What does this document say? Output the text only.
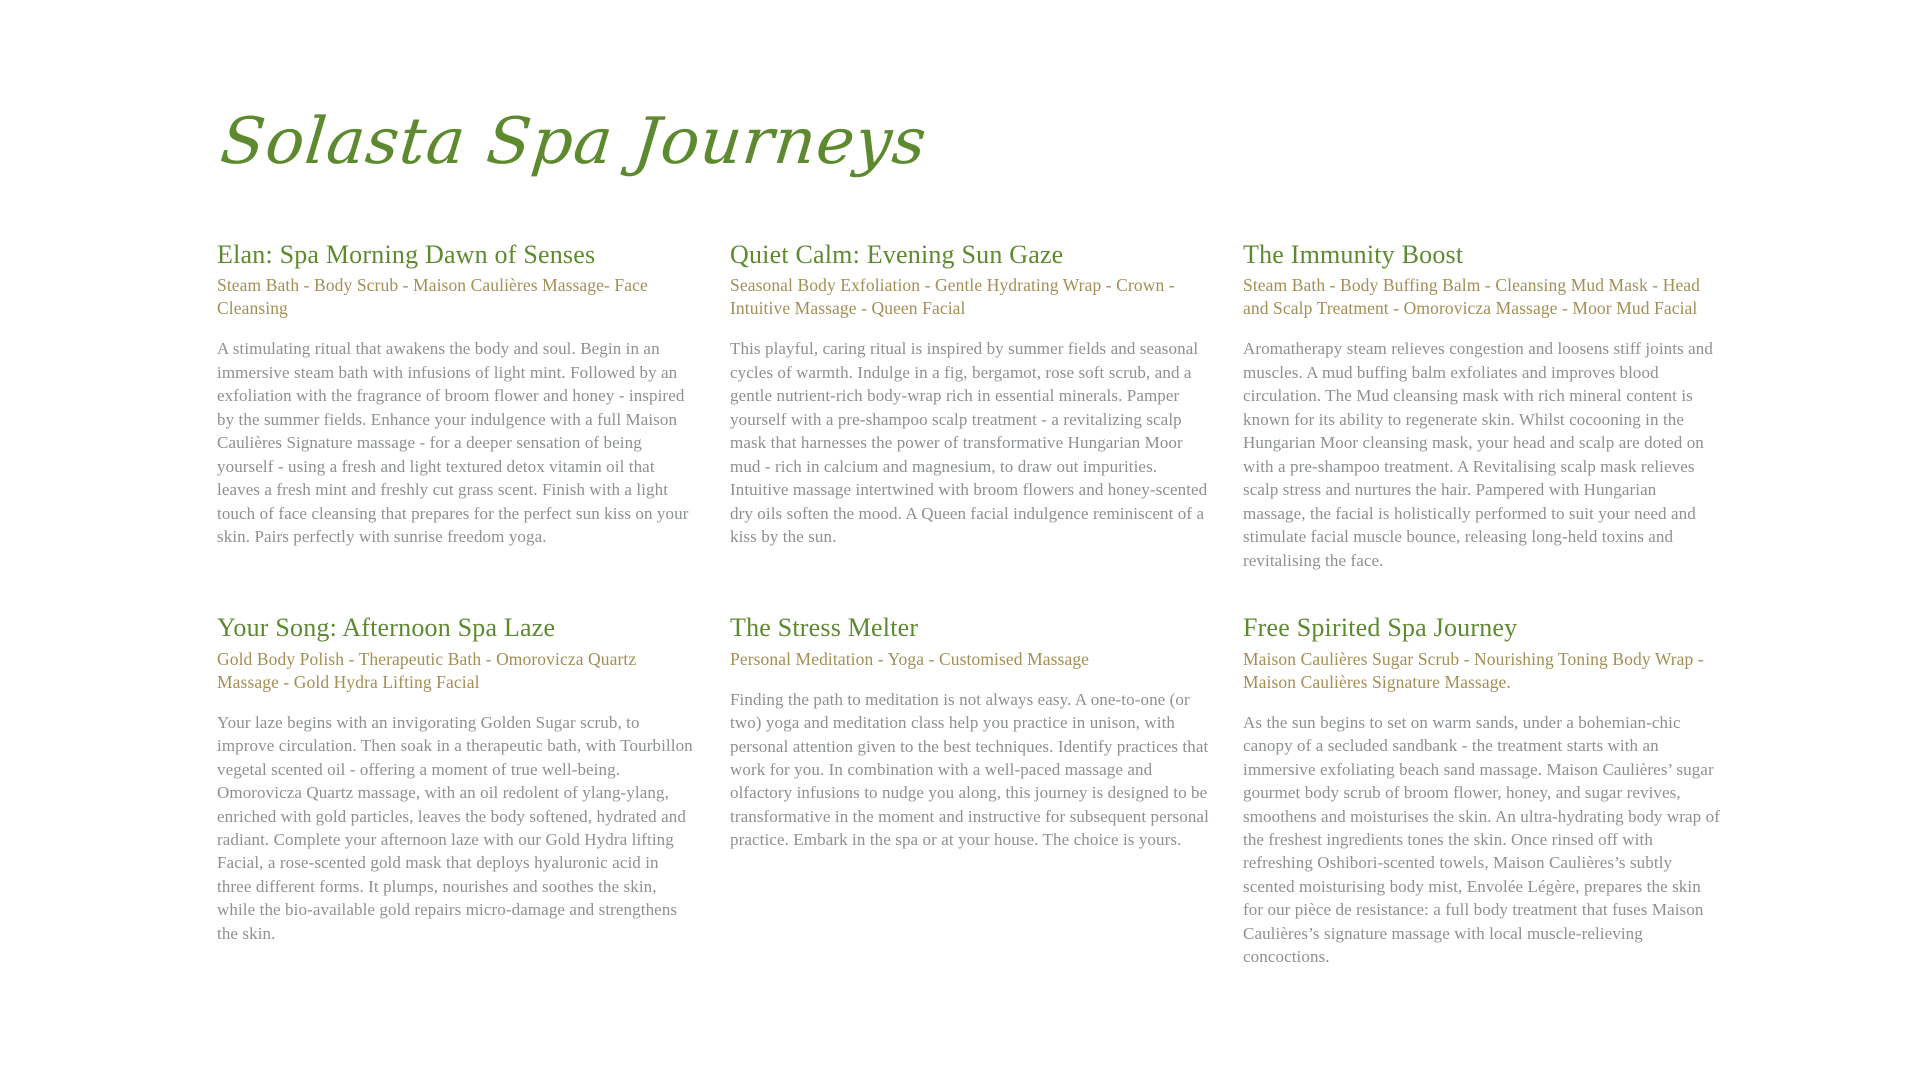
Solasta Spa Journeys
Elan: Spa Morning Dawn of Senses

Steam Bath - Body Scrub - Maison Caulières Massage- Face Cleansing

A stimulating ritual that awakens the body and soul. Begin in an immersive steam bath with infusions of light mint. Followed by an exfoliation with the fragrance of broom flower and honey - inspired by the summer fields. Enhance your indulgence with a full Maison Caulières Signature massage - for a deeper sensation of being yourself - using a fresh and light textured detox vitamin oil that leaves a fresh mint and freshly cut grass scent. Finish with a light touch of face cleansing that prepares for the perfect sun kiss on your skin. Pairs perfectly with sunrise freedom yoga.

Quiet Calm: Evening Sun Gaze

Seasonal Body Exfoliation - Gentle Hydrating Wrap - Crown - Intuitive Massage - Queen Facial

This playful, caring ritual is inspired by summer fields and seasonal cycles of warmth. Indulge in a fig, bergamot, rose soft scrub, and a gentle nutrient-rich body-wrap rich in essential minerals. Pamper yourself with a pre-shampoo scalp treatment - a revitalizing scalp mask that harnesses the power of transformative Hungarian Moor mud - rich in calcium and magnesium, to draw out impurities. Intuitive massage intertwined with broom flowers and honey-scented dry oils soften the mood. A Queen facial indulgence reminiscent of a kiss by the sun.

The Immunity Boost

Steam Bath - Body Buffing Balm - Cleansing Mud Mask - Head and Scalp Treatment - Omorovicza Massage - Moor Mud Facial

Aromatherapy steam relieves congestion and loosens stiff joints and muscles. A mud buffing balm exfoliates and improves blood circulation. The Mud cleansing mask with rich mineral content is known for its ability to regenerate skin. Whilst cocooning in the Hungarian Moor cleansing mask, your head and scalp are doted on with a pre-shampoo treatment. A Revitalising scalp mask relieves scalp stress and nurtures the hair. Pampered with Hungarian massage, the facial is holistically performed to suit your need and stimulate facial muscle bounce, releasing long-held toxins and revitalising the face.

Your Song: Afternoon Spa Laze

Gold Body Polish - Therapeutic Bath - Omorovicza Quartz Massage - Gold Hydra Lifting Facial

Your laze begins with an invigorating Golden Sugar scrub, to improve circulation. Then soak in a therapeutic bath, with Tourbillon vegetal scented oil - offering a moment of true well-being. Omorovicza Quartz massage, with an oil redolent of ylang-ylang, enriched with gold particles, leaves the body softened, hydrated and radiant. Complete your afternoon laze with our Gold Hydra lifting Facial, a rose-scented gold mask that deploys hyaluronic acid in three different forms. It plumps, nourishes and soothes the skin, while the bio-available gold repairs micro-damage and strengthens the skin.

The Stress Melter

Personal Meditation - Yoga - Customised Massage

Finding the path to meditation is not always easy. A one-to-one (or two) yoga and meditation class help you practice in unison, with personal attention given to the best techniques. Identify practices that work for you. In combination with a well-paced massage and olfactory infusions to nudge you along, this journey is designed to be transformative in the moment and instructive for subsequent personal practice. Embark in the spa or at your house. The choice is yours.

Free Spirited Spa Journey

Maison Caulières Sugar Scrub - Nourishing Toning Body Wrap - Maison Caulières Signature Massage.

As the sun begins to set on warm sands, under a bohemian-chic canopy of a secluded sandbank - the treatment starts with an immersive exfoliating beach sand massage. Maison Caulières’ sugar gourmet body scrub of broom flower, honey, and sugar revives, smoothens and moisturises the skin. An ultra-hydrating body wrap of the freshest ingredients tones the skin. Once rinsed off with refreshing Oshibori-scented towels, Maison Caulières’s subtly scented moisturising body mist, Envolée Légère, prepares the skin for our pièce de resistance: a full body treatment that fuses Maison Caulières’s signature massage with local muscle-relieving concoctions.
